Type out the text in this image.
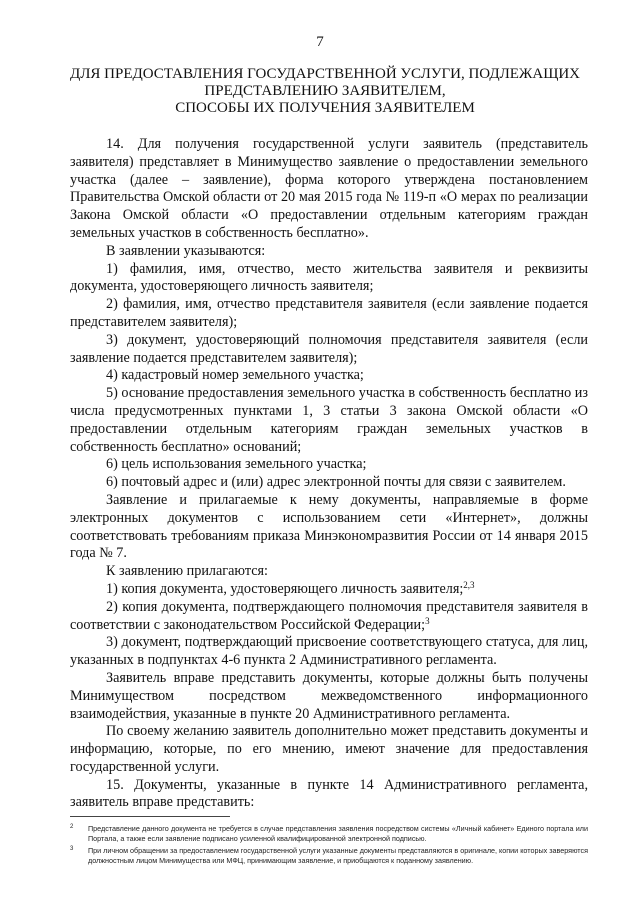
7
ДЛЯ ПРЕДОСТАВЛЕНИЯ ГОСУДАРСТВЕННОЙ УСЛУГИ, ПОДЛЕЖАЩИХ
ПРЕДСТАВЛЕНИЮ ЗАЯВИТЕЛЕМ,
СПОСОБЫ ИХ ПОЛУЧЕНИЯ ЗАЯВИТЕЛЕМ

14. Для получения государственной услуги заявитель (представитель заявителя) представляет в Минимущество заявление о предоставлении земельного участка (далее – заявление), форма которого утверждена постановлением Правительства Омской области от 20 мая 2015 года № 119-п «О мерах по реализации Закона Омской области «О предоставлении отдельным категориям граждан земельных участков в собственность бесплатно».

В заявлении указываются:

1) фамилия, имя, отчество, место жительства заявителя и реквизиты документа, удостоверяющего личность заявителя;

2) фамилия, имя, отчество представителя заявителя (если заявление подается представителем заявителя);

3) документ, удостоверяющий полномочия представителя заявителя (если заявление подается представителем заявителя);

4) кадастровый номер земельного участка;

5) основание предоставления земельного участка в собственность бесплатно из числа предусмотренных пунктами 1, 3 статьи 3 закона Омской области «О предоставлении отдельным категориям граждан земельных участков в собственность бесплатно» оснований;

6) цель использования земельного участка;

6) почтовый адрес и (или) адрес электронной почты для связи с заявителем.

Заявление и прилагаемые к нему документы, направляемые в форме электронных документов с использованием сети «Интернет», должны соответствовать требованиям приказа Минэкономразвития России от 14 января 2015 года № 7.

К заявлению прилагаются:

1) копия документа, удостоверяющего личность заявителя;$^{2,3}$

2) копия документа, подтверждающего полномочия представителя заявителя в соответствии с законодательством Российской Федерации;$^3$

3) документ, подтверждающий присвоение соответствующего статуса, для лиц, указанных в подпунктах 4-6 пункта 2 Административного регламента.

Заявитель вправе представить документы, которые должны быть получены Минимуществом посредством межведомственного информационного взаимодействия, указанные в пункте 20 Административного регламента.

По своему желанию заявитель дополнительно может представить документы и информацию, которые, по его мнению, имеют значение для предоставления государственной услуги.

15. Документы, указанные в пункте 14 Административного регламента, заявитель вправе представить:

2 Представление данного документа не требуется в случае представления заявления посредством системы «Личный кабинет» Единого портала или Портала, а также если заявление подписано усиленной квалифицированной электронной подписью.
3 При личном обращении за предоставлением государственной услуги указанные документы представляются в оригинале, копии которых заверяются должностным лицом Минимущества или МФЦ, принимающим заявление, и приобщаются к поданному заявлению.
